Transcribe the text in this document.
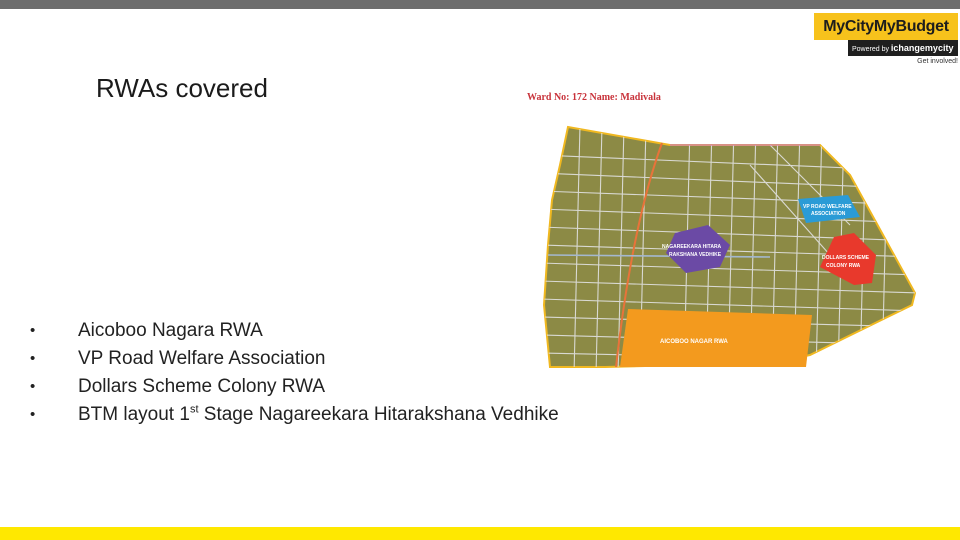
MyCityMyBudget
Powered by ichangemycity
Get involved!
RWAs covered
•	Aicoboo Nagara RWA
•	VP Road Welfare Association
•	Dollars Scheme Colony RWA
•	BTM layout 1st Stage Nagareekara Hitarakshana Vedhike
Ward No: 172 Name: Madivala
VP ROAD WELFARE
ASSOCIATION
NAGAREEKARA HITARA
RAKSHANA VEDHIKE	DOLLARS SCHEME
COLONY RWA
AICOBOO NAGAR RWA
